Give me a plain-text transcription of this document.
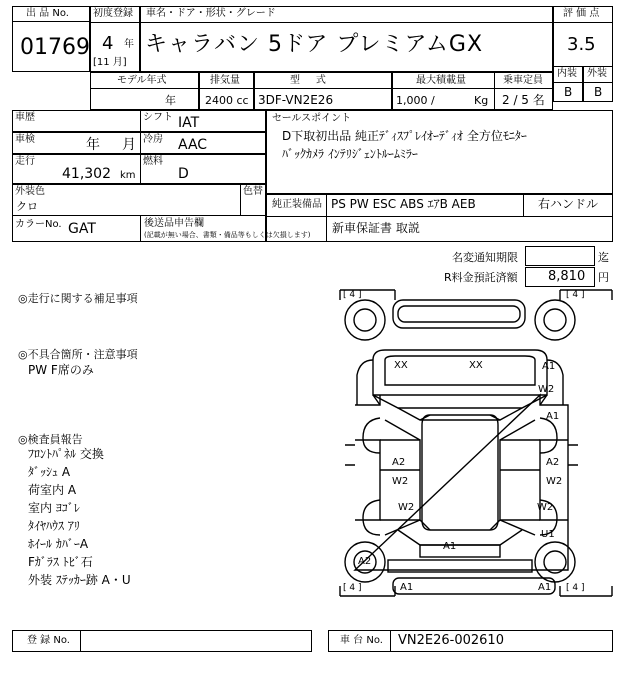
出 品 No.
01769
初度登録
4 年
[11 月]
車名・ドア・形状・グレード
キャラバン 5ドア プレミアムGX
評 価 点
3.5
内装 外装
B B
モデル年式
年
排気量
2400 cc
型     式
3DF-VN2E26
最大積載量
1,000 /	Kg
乗車定員
2 / 5 名
車歴	シフト IAT
車検	年 月 冷房 AAC
走行
41,302 km
燃料
D
外装色
クロ
色替
カラーNo. GAT	後送品申告欄
(記載が無い場合、書類・備品等もしくは欠損します)
セールスポイント
D下取初出品 純正ﾃﾞｨｽﾌﾟﾚｲｵｰﾃﾞｨｵ 全方位ﾓﾆﾀｰ
ﾊﾞｯｸｶﾒﾗ ｲﾝﾃﾘｼﾞｪﾝﾄﾙｰﾑﾐﾗｰ
純正装備品 PS PW ESC ABS ｴｱB AEB	右ハンドル
新車保証書 取説
名変通知期限	迄
R料金預託済額 8,810 円
◎走行に関する補足事項
◎不具合箇所・注意事項
PW F席のみ
◎検査員報告
ﾌﾛﾝﾄﾊﾟﾈﾙ 交換
ﾀﾞｯｼｭ A
荷室内 A
室内 ﾖｺﾞﾚ
ﾀｲﾔﾊｳｽ ｱﾘ
ﾎｲｰﾙ ｶﾊﾞｰA
Fｶﾞﾗｽ ﾄﾋﾞ石
外装 ｽﾃｯｶｰ跡 A・U
[ 4 ]	[ 4 ]
[ 4 ]	[ 4 ]
XX	XX	A1
W2
A1
A2
W2
A2
W2
W2	W2
U1
A1
A2
A1	A1
登 録 No.	車 台 No. VN2E26-002610
